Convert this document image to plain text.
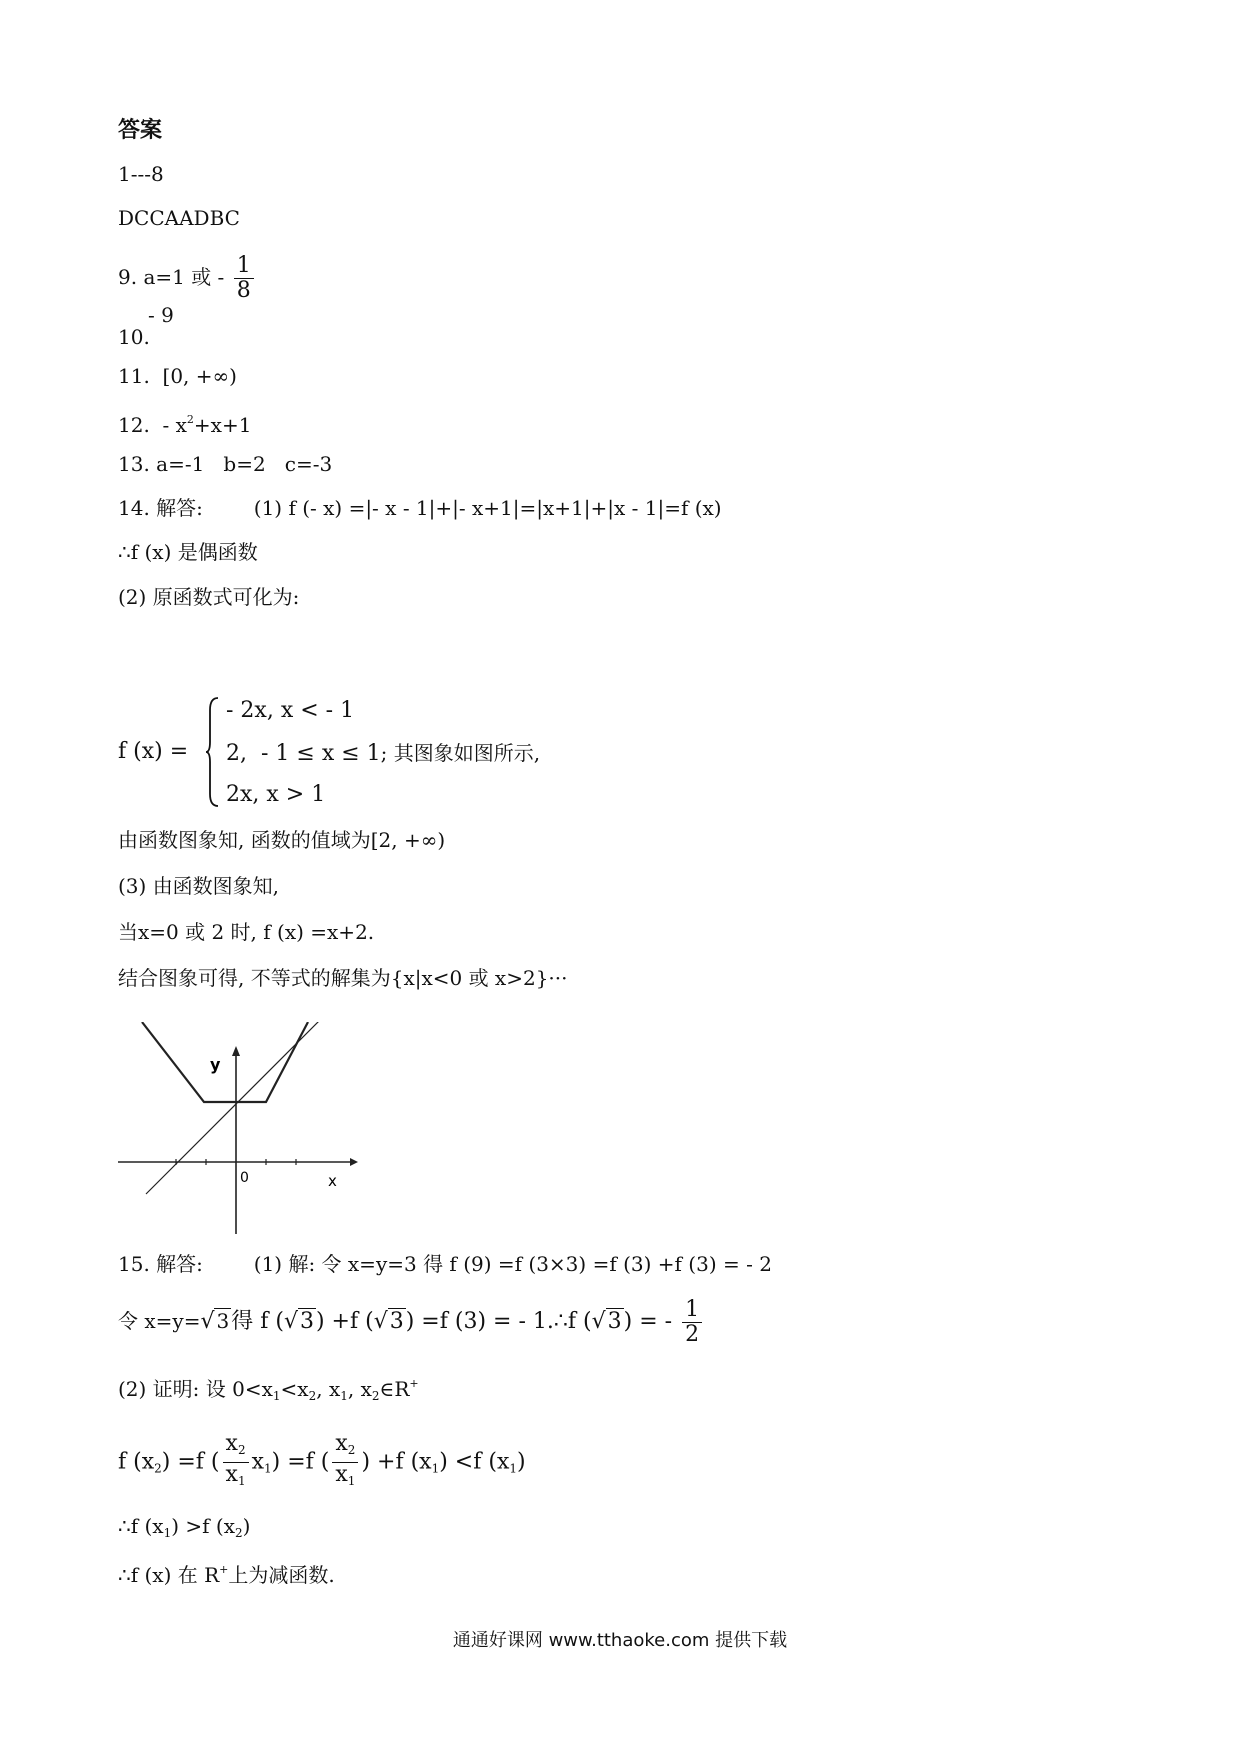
答案
1---8
DCCAADBC
9. a=1 或 - $\frac{1}{8}$
- 9
10.
11.  [0, +∞)
12.  - $x^2+x+1$
13. a=-1   b=2   c=-3
14. 解答:        (1) f (- x) =|- x - 1|+|- x+1|=|x+1|+|x - 1|=f (x)
∴f (x) 是偶函数
(2) 原函数式可化为:
f (x) =
- 2x, x < - 1
2,  - 1 ≤ x ≤ 1; 其图象如图所示,
2x, x > 1
由函数图象知, 函数的值域为[2, +∞)
(3) 由函数图象知,
当x=0 或 2 时, f (x) =x+2.
结合图象可得, 不等式的解集为{x|x<0 或 x>2}···
y
0	x
15. 解答:        (1) 解: 令 x=y=3 得 f (9) =f (3×3) =f (3) +f (3) = - 2
令 x=y=√ 3得 f (√3) +f (√3) =f (3) = - 1.∴f (√3) = - $\frac{1}{2}$
(2) 证明: 设 $0<x_1<x_2$, $x_1$, $x_2\in R^+$
f $(x_2) =f$ ( $\frac{x_2}{x_1} x_1) =f$ ( $\frac{x_2}{x_1}$ ) +f $(x_1) <f$ $(x_1)$
∴f $(x_1) >f$ $(x_2)$
∴f (x) 在 R+上为减函数.
通通好课网 www.tthaoke.com 提供下载
